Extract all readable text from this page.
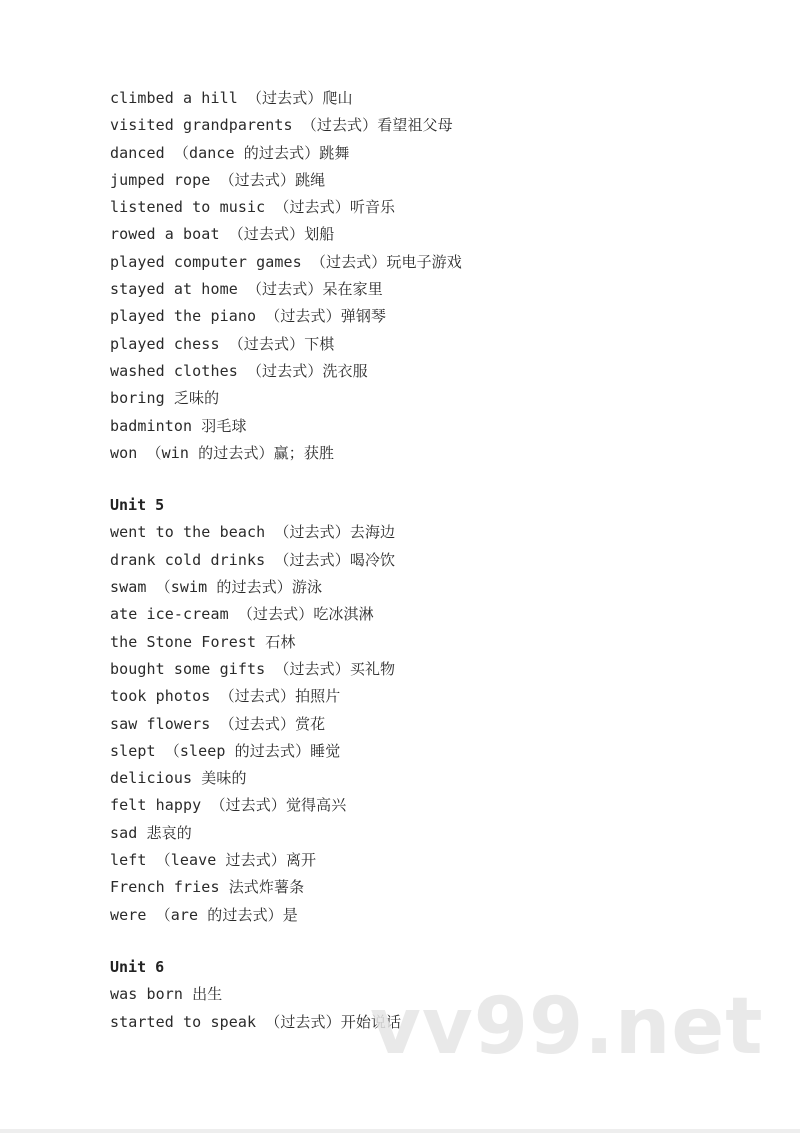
climbed a hill （过去式）爬山
visited grandparents （过去式）看望祖父母
danced （dance 的过去式）跳舞
jumped rope （过去式）跳绳
listened to music （过去式）听音乐
rowed a boat （过去式）划船
played computer games （过去式）玩电子游戏
stayed at home （过去式）呆在家里
played the piano （过去式）弹钢琴
played chess （过去式）下棋
washed clothes （过去式）洗衣服
boring 乏味的
badminton 羽毛球
won （win 的过去式）赢；获胜
Unit 5
went to the beach （过去式）去海边
drank cold drinks （过去式）喝冷饮
swam （swim 的过去式）游泳
ate ice-cream （过去式）吃冰淇淋
the Stone Forest 石林
bought some gifts （过去式）买礼物
took photos （过去式）拍照片
saw flowers （过去式）赏花
slept （sleep 的过去式）睡觉
delicious 美味的
felt happy （过去式）觉得高兴
sad 悲哀的
left （leave 过去式）离开
French fries 法式炸薯条
were （are 的过去式）是
Unit 6
was born 出生
started to speak （过去式）开始说话
vv99.net
